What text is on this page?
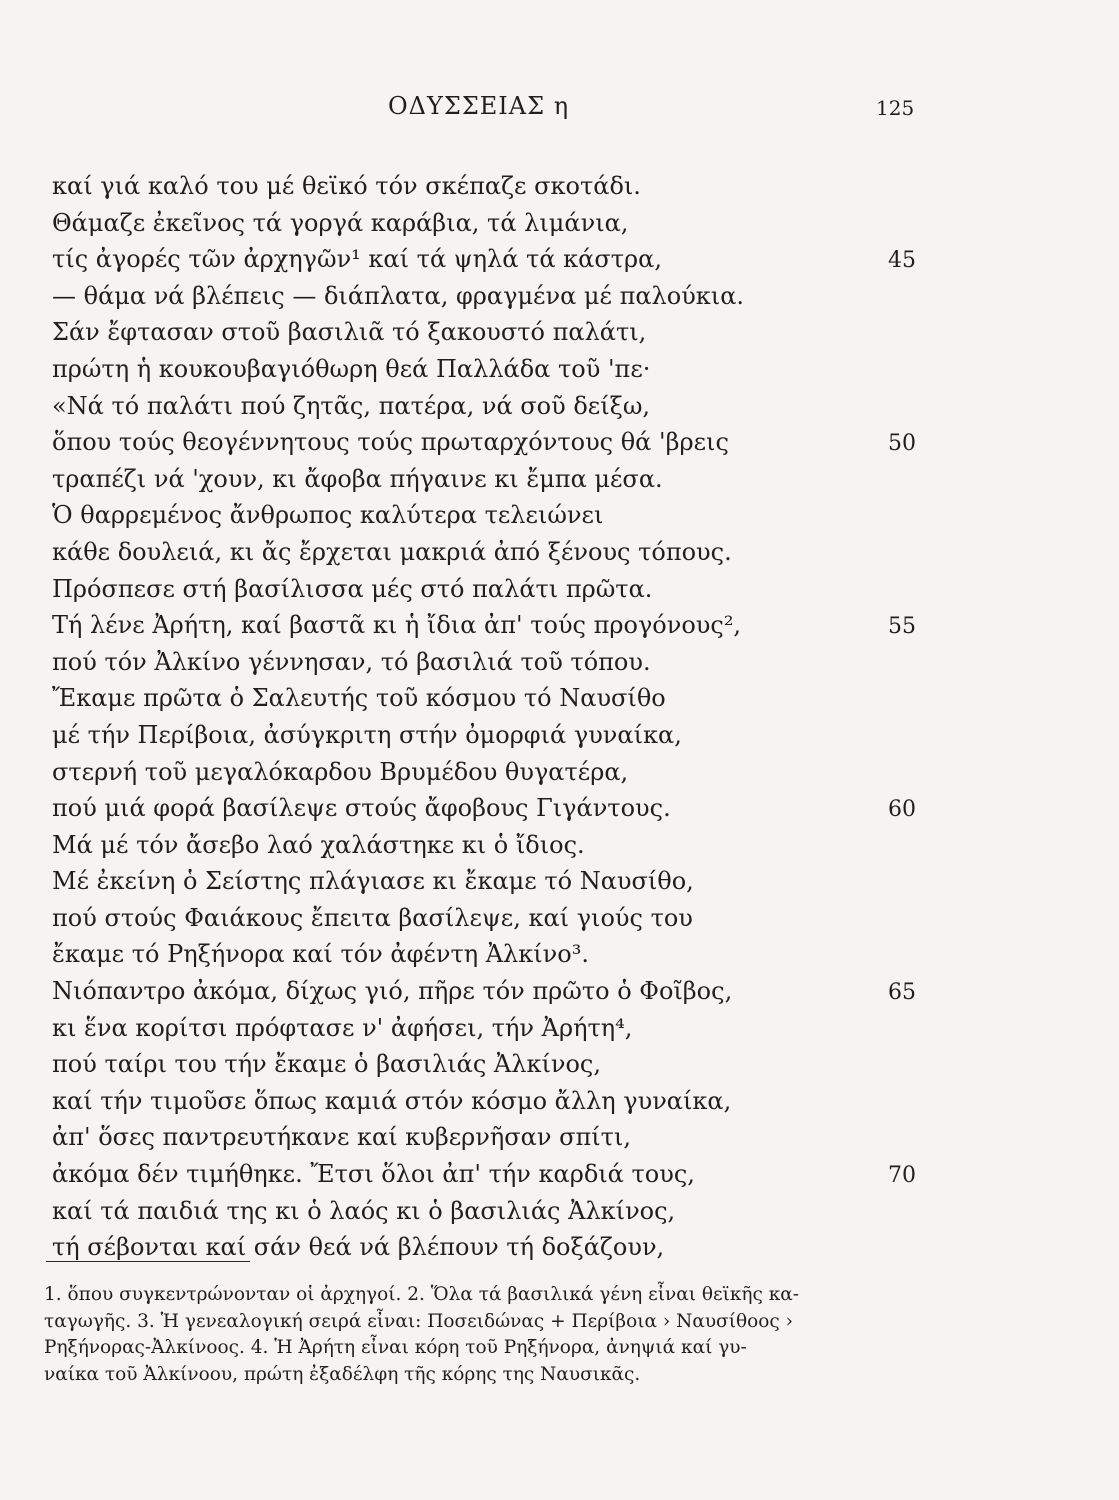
ΟΔΥΣΣΕΙΑΣ η	125
καί γιά καλό του μέ θεϊκό τόν σκέπαζε σκοτάδι.
Θάμαζε ἐκεῖνος τά γοργά καράβια, τά λιμάνια,
τίς ἀγορές τῶν ἀρχηγῶν¹ καί τά ψηλά τά κάστρα,	45
— θάμα νά βλέπεις — διάπλατα, φραγμένα μέ παλούκια.
Σάν ἔφτασαν στοῦ βασιλιᾶ τό ξακουστό παλάτι,
πρώτη ἡ κουκουβαγιόθωρη θεά Παλλάδα τοῦ 'πε·
«Νά τό παλάτι πού ζητᾶς, πατέρα, νά σοῦ δείξω,
ὅπου τούς θεογέννητους τούς πρωταρχόντους θά 'βρεις	50
τραπέζι νά 'χουν, κι ἄφοβα πήγαινε κι ἔμπα μέσα.
Ὁ θαρρεμένος ἄνθρωπος καλύτερα τελειώνει
κάθε δουλειά, κι ἄς ἔρχεται μακριά ἀπό ξένους τόπους.
Πρόσπεσε στή βασίλισσα μές στό παλάτι πρῶτα.
Τή λένε Ἀρήτη, καί βαστᾶ κι ἡ ἴδια ἀπ' τούς προγόνους²,	55
πού τόν Ἀλκίνο γέννησαν, τό βασιλιά τοῦ τόπου.
Ἔκαμε πρῶτα ὁ Σαλευτής τοῦ κόσμου τό Ναυσίθο
μέ τήν Περίβοια, ἀσύγκριτη στήν ὀμορφιά γυναίκα,
στερνή τοῦ μεγαλόκαρδου Βρυμέδου θυγατέρα,
πού μιά φορά βασίλεψε στούς ἄφοβους Γιγάντους.	60
Μά μέ τόν ἄσεβο λαό χαλάστηκε κι ὁ ἴδιος.
Μέ ἐκείνη ὁ Σείστης πλάγιασε κι ἔκαμε τό Ναυσίθο,
πού στούς Φαιάκους ἔπειτα βασίλεψε, καί γιούς του
ἔκαμε τό Ρηξήνορα καί τόν ἀφέντη Ἀλκίνο³.
Νιόπαντρο ἀκόμα, δίχως γιό, πῆρε τόν πρῶτο ὁ Φοῖβος,	65
κι ἕνα κορίτσι πρόφτασε ν' ἀφήσει, τήν Ἀρήτη⁴,
πού ταίρι του τήν ἔκαμε ὁ βασιλιάς Ἀλκίνος,
καί τήν τιμοῦσε ὅπως καμιά στόν κόσμο ἄλλη γυναίκα,
ἀπ' ὅσες παντρευτήκανε καί κυβερνῆσαν σπίτι,
ἀκόμα δέν τιμήθηκε. Ἔτσι ὅλοι ἀπ' τήν καρδιά τους,	70
καί τά παιδιά της κι ὁ λαός κι ὁ βασιλιάς Ἀλκίνος,
τή σέβονται καί σάν θεά νά βλέπουν τή δοξάζουν,
1. ὅπου συγκεντρώνονταν οἱ ἀρχηγοί. 2. Ὅλα τά βασιλικά γένη εἶναι θεϊκῆς κα-
ταγωγῆς. 3. Ἡ γενεαλογική σειρά εἶναι: Ποσειδώνας + Περίβοια › Ναυσίθοος ›
Ρηξήνορας-Ἀλκίνοος. 4. Ἡ Ἀρήτη εἶναι κόρη τοῦ Ρηξήνορα, ἀνηψιά καί γυ-
ναίκα τοῦ Ἀλκίνοου, πρώτη ἐξαδέλφη τῆς κόρης της Ναυσικᾶς.
